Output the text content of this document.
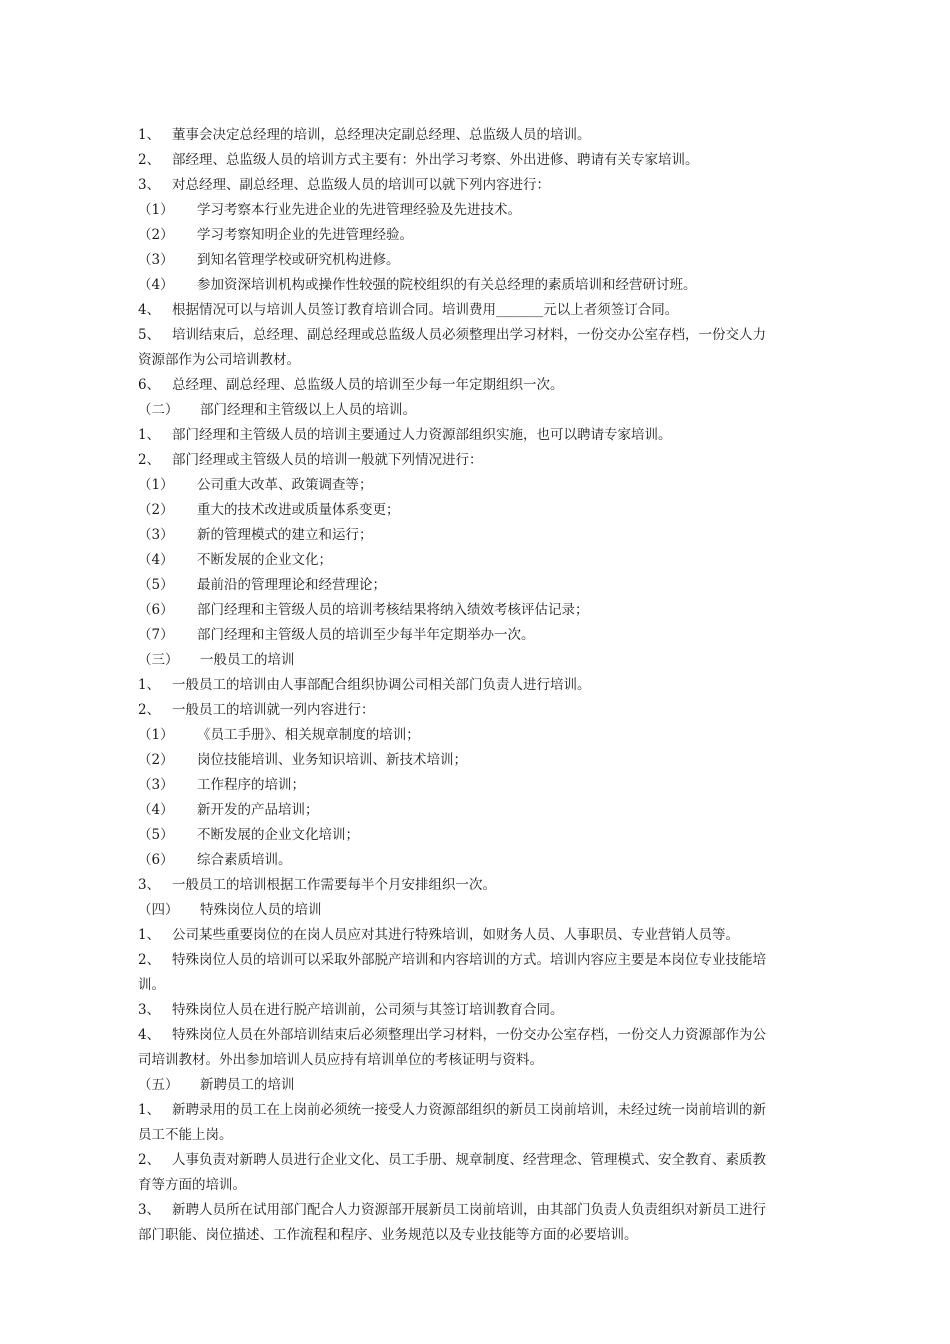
1、 董事会决定总经理的培训，总经理决定副总经理、总监级人员的培训。
2、 部经理、总监级人员的培训方式主要有：外出学习考察、外出进修、聘请有关专家培训。
3、 对总经理、副总经理、总监级人员的培训可以就下列内容进行：
（1） 学习考察本行业先进企业的先进管理经验及先进技术。
（2） 学习考察知明企业的先进管理经验。
（3） 到知名管理学校或研究机构进修。
（4） 参加资深培训机构或操作性较强的院校组织的有关总经理的素质培训和经营研讨班。
4、 根据情况可以与培训人员签订教育培训合同。培训费用_______元以上者须签订合同。
5、 培训结束后，总经理、副总经理或总监级人员必须整理出学习材料，一份交办公室存档，一份交人力
资源部作为公司培训教材。
6、 总经理、副总经理、总监级人员的培训至少每一年定期组织一次。
（二） 部门经理和主管级以上人员的培训。
1、 部门经理和主管级人员的培训主要通过人力资源部组织实施，也可以聘请专家培训。
2、 部门经理或主管级人员的培训一般就下列情况进行：
（1） 公司重大改革、政策调查等；
（2） 重大的技术改进或质量体系变更；
（3） 新的管理模式的建立和运行；
（4） 不断发展的企业文化；
（5） 最前沿的管理理论和经营理论；
（6） 部门经理和主管级人员的培训考核结果将纳入绩效考核评估记录；
（7） 部门经理和主管级人员的培训至少每半年定期举办一次。
（三） 一般员工的培训
1、 一般员工的培训由人事部配合组织协调公司相关部门负责人进行培训。
2、 一般员工的培训就一列内容进行：
（1） 《员工手册》、相关规章制度的培训；
（2） 岗位技能培训、业务知识培训、新技术培训；
（3） 工作程序的培训；
（4） 新开发的产品培训；
（5） 不断发展的企业文化培训；
（6） 综合素质培训。
3、 一般员工的培训根据工作需要每半个月安排组织一次。
（四） 特殊岗位人员的培训
1、 公司某些重要岗位的在岗人员应对其进行特殊培训，如财务人员、人事职员、专业营销人员等。
2、 特殊岗位人员的培训可以采取外部脱产培训和内容培训的方式。培训内容应主要是本岗位专业技能培
训。
3、 特殊岗位人员在进行脱产培训前，公司须与其签订培训教育合同。
4、 特殊岗位人员在外部培训结束后必须整理出学习材料，一份交办公室存档，一份交人力资源部作为公
司培训教材。外出参加培训人员应持有培训单位的考核证明与资料。
（五） 新聘员工的培训
1、 新聘录用的员工在上岗前必须统一接受人力资源部组织的新员工岗前培训，未经过统一岗前培训的新
员工不能上岗。
2、 人事负责对新聘人员进行企业文化、员工手册、规章制度、经营理念、管理模式、安全教育、素质教
育等方面的培训。
3、 新聘人员所在试用部门配合人力资源部开展新员工岗前培训，由其部门负责人负责组织对新员工进行
部门职能、岗位描述、工作流程和程序、业务规范以及专业技能等方面的必要培训。
